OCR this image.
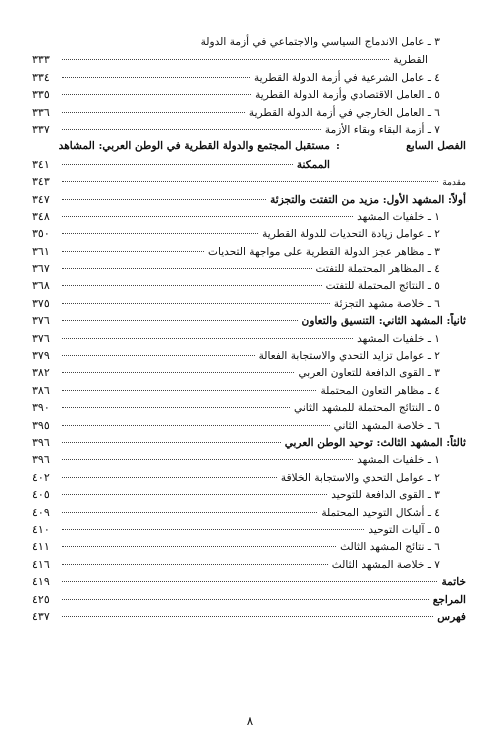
٣ ـ عامل الاندماج السياسي والاجتماعي في أزمة الدولة
القطرية
٣٣٣
٤ ـ عامل الشرعية في أزمة الدولة القطرية
٣٣٤
٥ ـ العامل الاقتصادي وأزمة الدولة القطرية
٣٣٥
٦ ـ العامل الخارجي في أزمة الدولة القطرية
٣٣٦
٧ ـ أزمة البقاء وبقاء الأزمة
٣٣٧
الفصل السابع
:
مستقبل المجتمع والدولة القطرية في الوطن العربي: المشاهد
الممكنة
٣٤١
مقدمة
٣٤٣
أولاً: المشهد الأول: مزيد من التفتت والتجزئة
٣٤٧
١ ـ خلفيات المشهد
٣٤٨
٢ ـ عوامل زيادة التحديات للدولة القطرية
٣٥٠
٣ ـ مظاهر عجز الدولة القطرية على مواجهة التحديات
٣٦١
٤ ـ المظاهر المحتملة للتفتت
٣٦٧
٥ ـ النتائج المحتملة للتفتت
٣٦٨
٦ ـ خلاصة مشهد التجزئة
٣٧٥
ثانياً: المشهد الثاني: التنسيق والتعاون
٣٧٦
١ ـ خلفيات المشهد
٣٧٦
٢ ـ عوامل تزايد التحدي والاستجابة الفعالة
٣٧٩
٣ ـ القوى الدافعة للتعاون العربي
٣٨٢
٤ ـ مظاهر التعاون المحتملة
٣٨٦
٥ ـ النتائج المحتملة للمشهد الثاني
٣٩٠
٦ ـ خلاصة المشهد الثاني
٣٩٥
ثالثاً: المشهد الثالث: توحيد الوطن العربي
٣٩٦
١ ـ خلفيات المشهد
٣٩٦
٢ ـ عوامل التحدي والاستجابة الخلاقة
٤٠٢
٣ ـ القوى الدافعة للتوحيد
٤٠٥
٤ ـ أشكال التوحيد المحتملة
٤٠٩
٥ ـ آليات التوحيد
٤١٠
٦ ـ نتائج المشهد الثالث
٤١١
٧ ـ خلاصة المشهد الثالث
٤١٦
خاتمة
٤١٩
المراجع
٤٢٥
فهرس
٤٣٧
٨
